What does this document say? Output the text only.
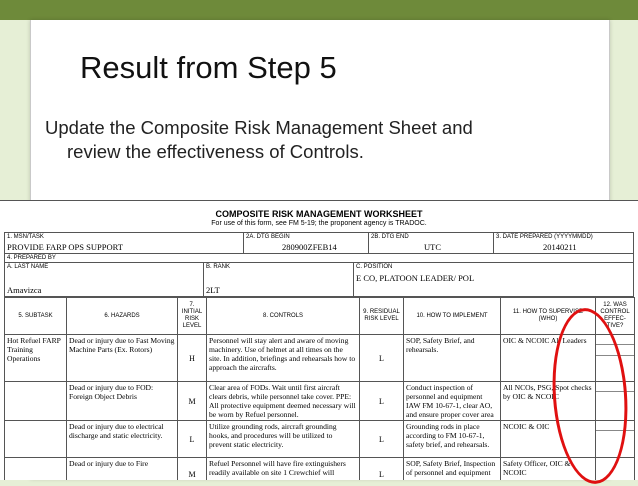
Result from Step 5

Update the Composite Risk Management Sheet and
review the effectiveness of Controls.

COMPOSITE RISK MANAGEMENT WORKSHEET
For use of this form, see FM 5-19; the proponent agency is TRADOC.
1. MSN/TASK
PROVIDE FARP OPS SUPPORT
2A. DTG BEGIN
280900ZFEB14
2B. DTG END
UTC
3. DATE PREPARED (YYYYMMDD)
20140211
4. PREPARED BY
A. LAST NAME
Amavizca
B. RANK
2LT
C. POSITION
E CO, PLATOON LEADER/ POL
5. SUBTASK	6. HAZARDS	7. INITIAL RISK LEVEL	8. CONTROLS	9. RESIDUAL RISK LEVEL	10. HOW TO IMPLEMENT	11. HOW TO SUPERVISE (WHO)	12. WAS CONTROL EFFEC- TIVE?
Hot Refuel FARP Training Operations	Dead or injury due to Fast Moving Machine Parts (Ex. Rotors)	H	Personnel will stay alert and aware of moving machinery. Use of helmet at all times on the site. In addition, briefings and rehearsals how to approach the aircrafts.	L	SOP, Safety Brief, and rehearsals.	OIC & NCOIC All Leaders	

	Dead or injury due to FOD: Foreign Object Debris	M	Clear area of FODs. Wait until first aircraft clears debris, while personnel take cover. PPE: All protective equipment deemed necessary will be worn by Refuel personnel.	L	Conduct inspection of personnel and equipment IAW FM 10-67-1, clear AO, and ensure proper cover area	All NCOs, PSG, Spot checks by OIC & NCOIC	

	Dead or injury due to electrical discharge and static electricity.	L	Utilize grounding rods, aircraft grounding hooks, and procedures will be utilized to prevent static electricity.	L	Grounding rods in place according to FM 10-67-1, safety brief, and rehearsals.	NCOIC & OIC	

	Dead or injury due to Fire	M	Refuel Personnel will have fire extinguishers readily available on site 1 Crewchief will	L	SOP, Safety Brief, Inspection of personnel and equipment	Safety Officer, OIC & NCOIC	
